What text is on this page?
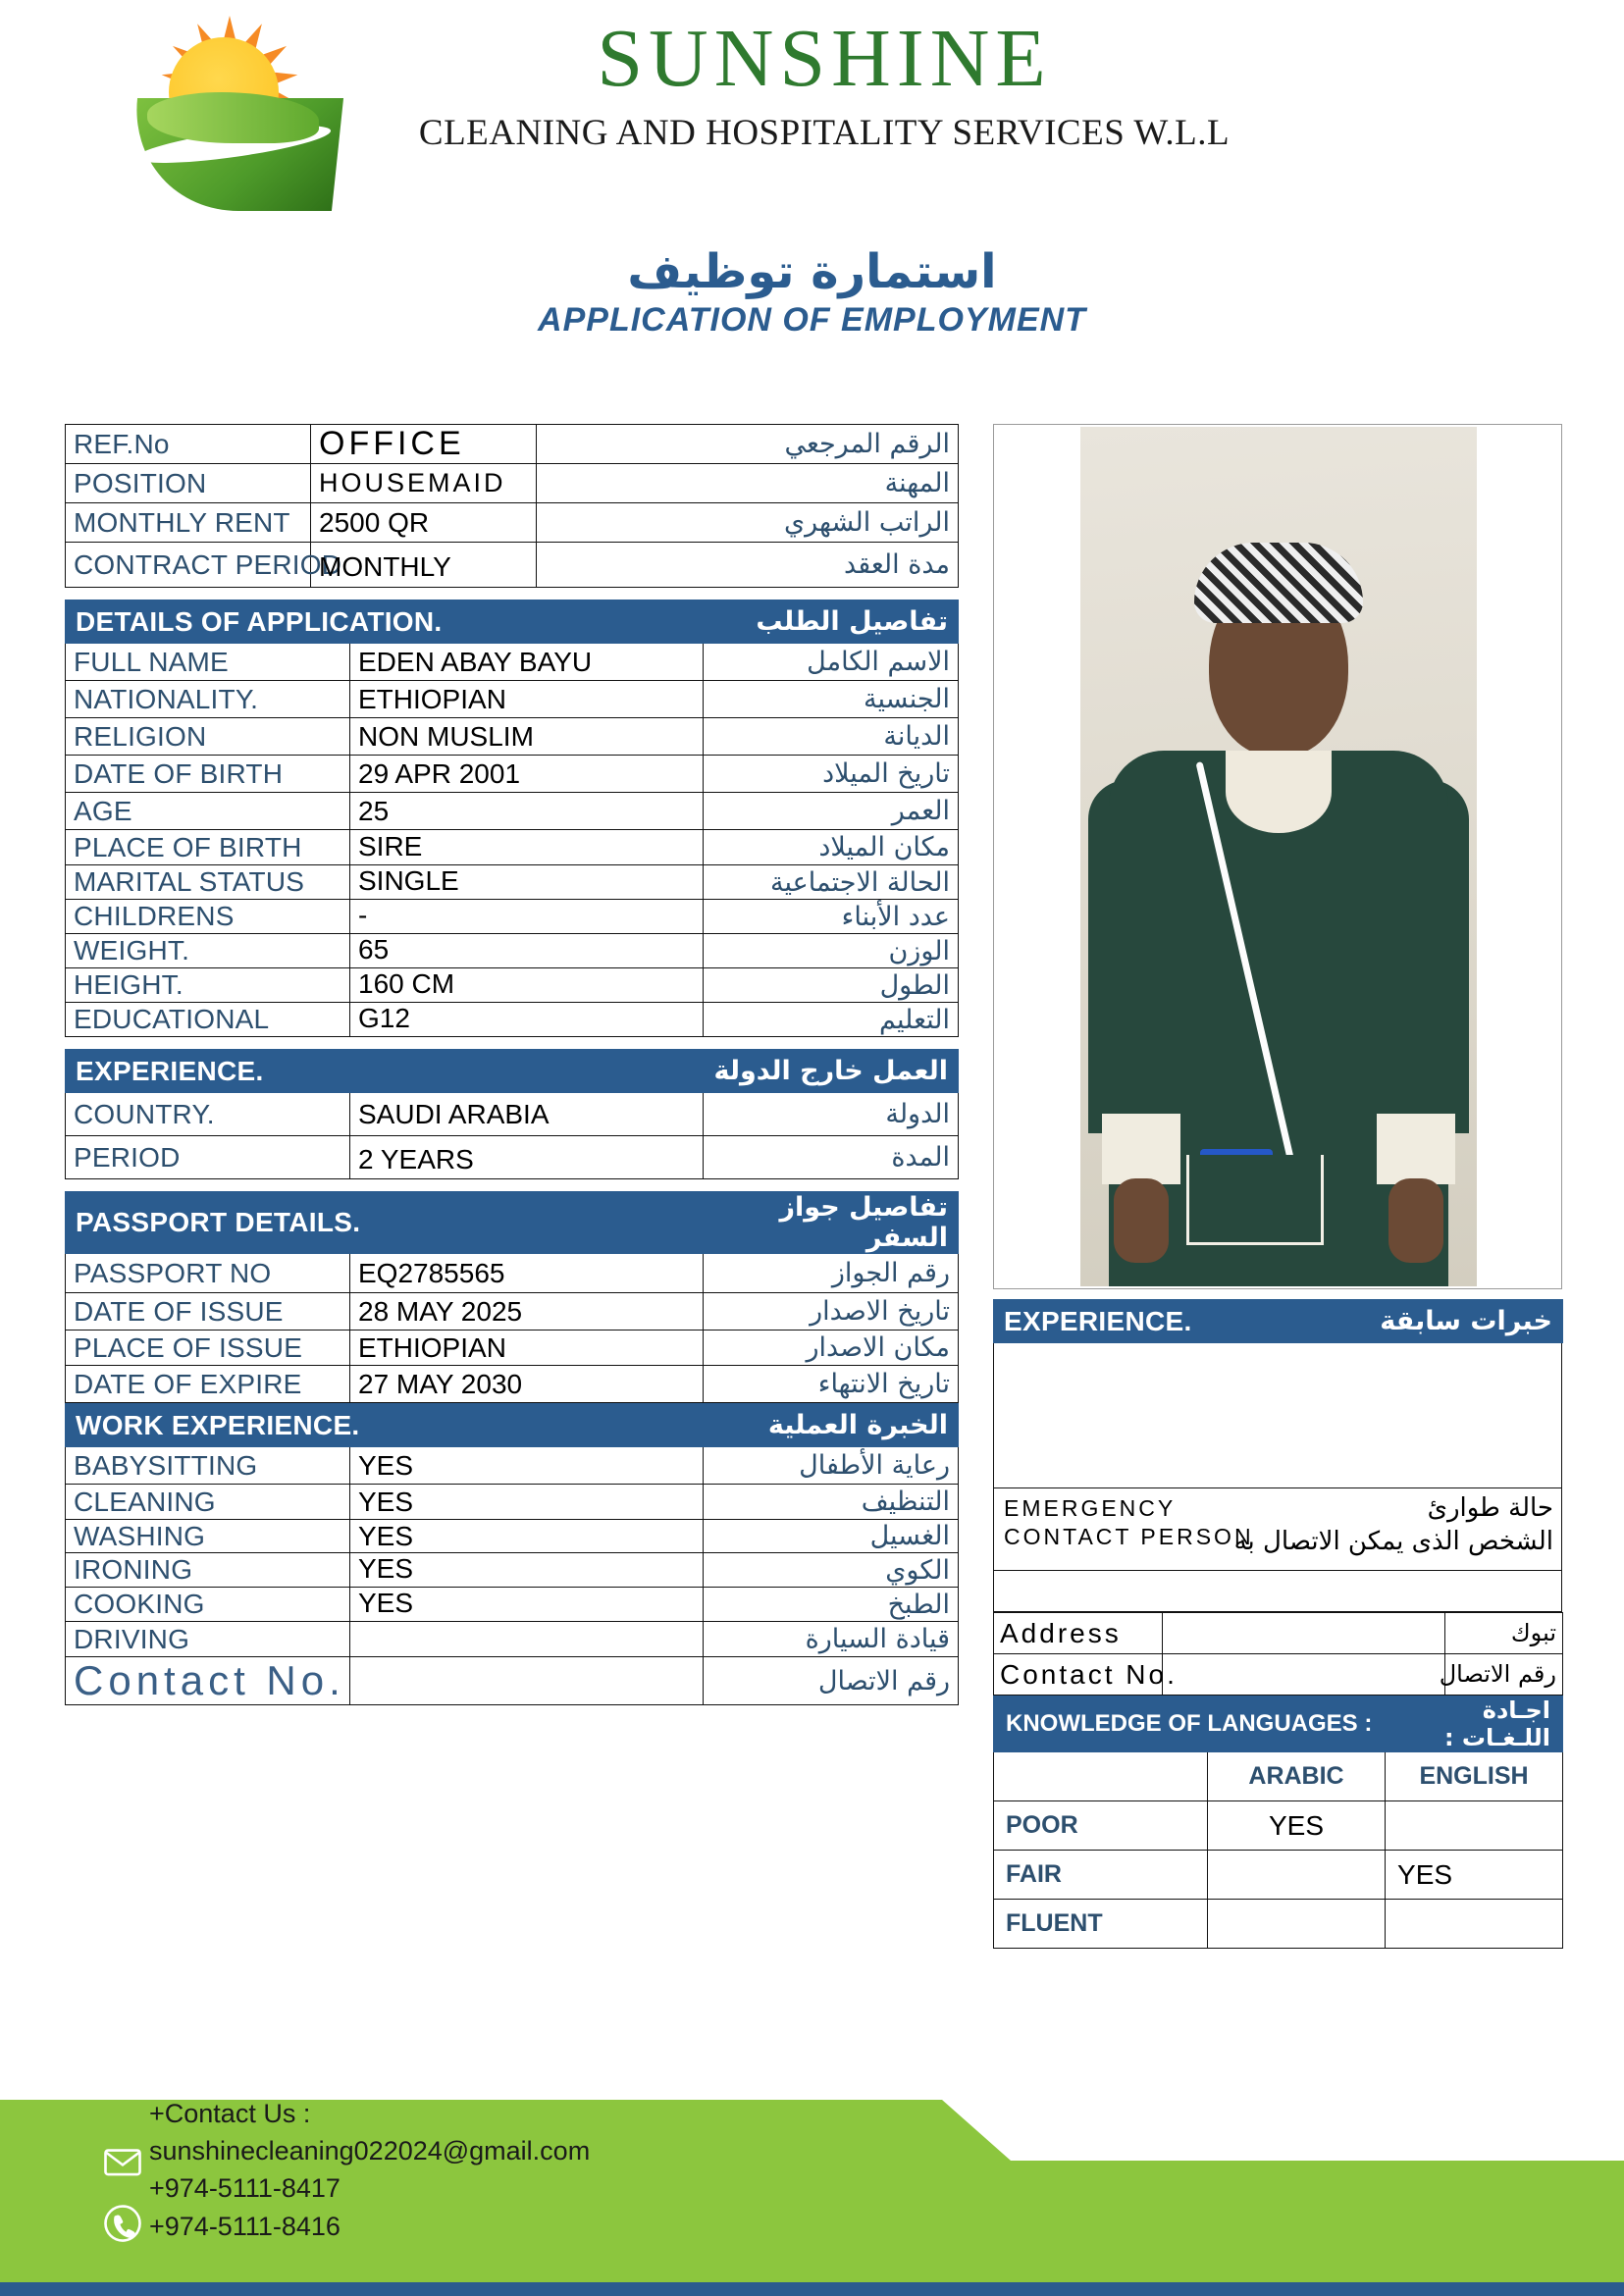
SUNSHINE
CLEANING AND HOSPITALITY SERVICES W.L.L
استمارة توظيف
APPLICATION OF EMPLOYMENT
REF.No	OFFICE	الرقم المرجعي
POSITION	HOUSEMAID	المهنة
MONTHLY RENT	2500 QR	الراتب الشهري
CONTRACT PERIOD	MONTHLY	مدة العقد
DETAILS OF APPLICATION.		تفاصيل الطلب
FULL NAME	EDEN ABAY BAYU	الاسم الكامل
NATIONALITY.	ETHIOPIAN	الجنسية
RELIGION	NON MUSLIM	الديانة
DATE OF BIRTH	29 APR 2001	تاريخ الميلاد
AGE	25	العمر
PLACE OF BIRTH	SIRE	مكان الميلاد
MARITAL STATUS	SINGLE	الحالة الاجتماعية
CHILDRENS	-	عدد الأبناء
WEIGHT.	65	الوزن
HEIGHT.	160 CM	الطول
EDUCATIONAL	G12	التعليم
EXPERIENCE.		العمل خارج الدولة
COUNTRY.	SAUDI ARABIA	الدولة
PERIOD	2 YEARS	المدة
PASSPORT DETAILS.		تفاصيل جواز السفر
PASSPORT NO	EQ2785565	رقم الجواز
DATE OF ISSUE	28 MAY 2025	تاريخ الاصدار
PLACE OF ISSUE	ETHIOPIAN	مكان الاصدار
DATE OF EXPIRE	27 MAY 2030	تاريخ الانتهاء
WORK EXPERIENCE.		الخبرة العملية
BABYSITTING	YES	رعاية الأطفال
CLEANING	YES	التنظيف
WASHING	YES	الغسيل
IRONING	YES	الكوي
COOKING	YES	الطبخ
DRIVING		قيادة السيارة
Contact No.		رقم الاتصال
EXPERIENCE.	خبرات سابقة
EMERGENCY
CONTACT PERSON
حالة طوارئ
الشخص الذى يمكن الاتصال به
Address		تبوك
Contact No.		رقم الاتصال
KNOWLEDGE OF LANGUAGES :		اجـادة اللـغـات :
	ARABIC	ENGLISH
POOR	YES	
FAIR		YES
FLUENT		
+Contact Us :
sunshinecleaning022024@gmail.com
+974-5111-8417
+974-5111-8416
